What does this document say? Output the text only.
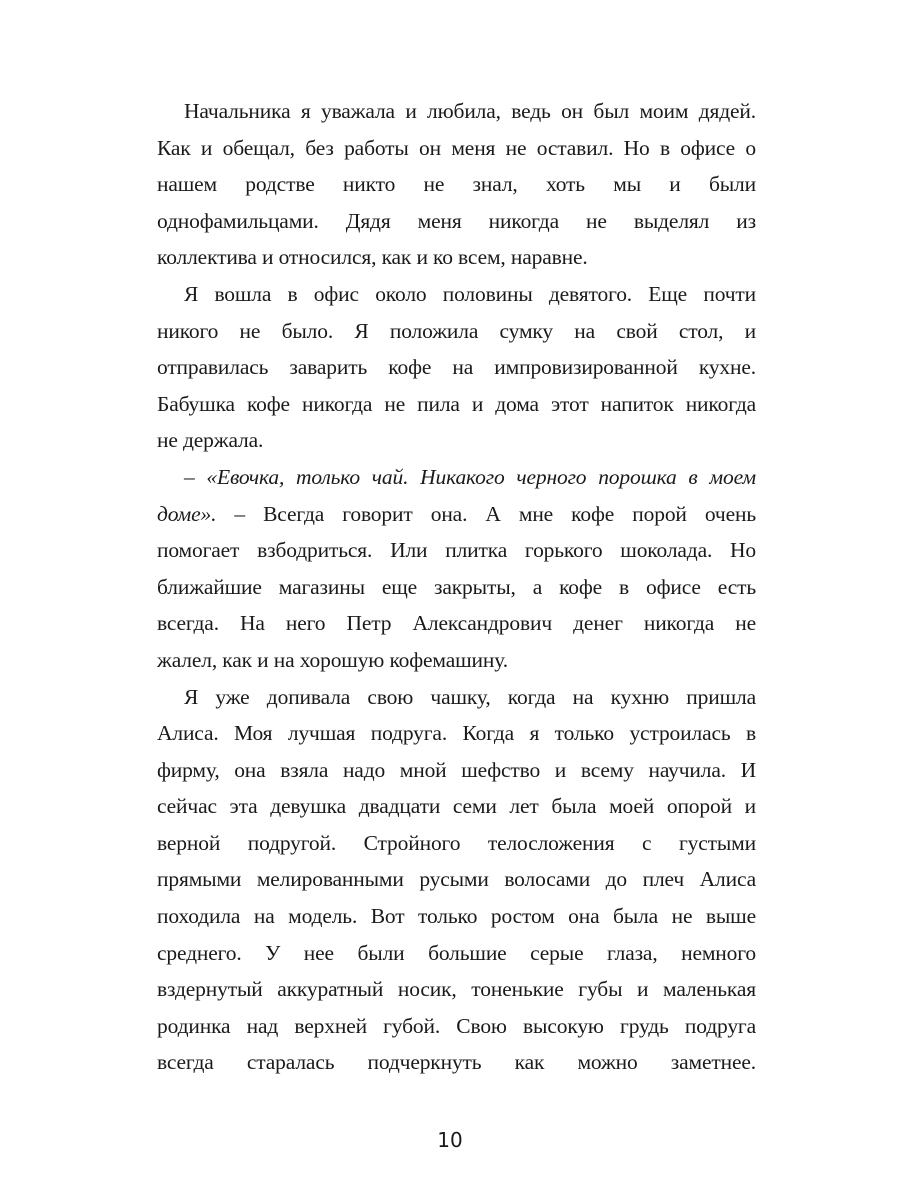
Начальника я уважала и любила, ведь он был моим дядей.
Как и обещал, без работы он меня не оставил. Но в офисе о
нашем родстве никто не знал, хоть мы и были
однофамильцами. Дядя меня никогда не выделял из
коллектива и относился, как и ко всем, наравне.
Я вошла в офис около половины девятого. Еще почти
никого не было. Я положила сумку на свой стол, и
отправилась заварить кофе на импровизированной кухне.
Бабушка кофе никогда не пила и дома этот напиток никогда
не держала.
– «Евочка, только чай. Никакого черного порошка в моем
доме». – Всегда говорит она. А мне кофе порой очень
помогает взбодриться. Или плитка горького шоколада. Но
ближайшие магазины еще закрыты, а кофе в офисе есть
всегда. На него Петр Александрович денег никогда не
жалел, как и на хорошую кофемашину.
Я уже допивала свою чашку, когда на кухню пришла
Алиса. Моя лучшая подруга. Когда я только устроилась в
фирму, она взяла надо мной шефство и всему научила. И
сейчас эта девушка двадцати семи лет была моей опорой и
верной подругой. Стройного телосложения с густыми
прямыми мелированными русыми волосами до плеч Алиса
походила на модель. Вот только ростом она была не выше
среднего. У нее были большие серые глаза, немного
вздернутый аккуратный носик, тоненькие губы и маленькая
родинка над верхней губой. Свою высокую грудь подруга
всегда старалась подчеркнуть как можно заметнее.
10
